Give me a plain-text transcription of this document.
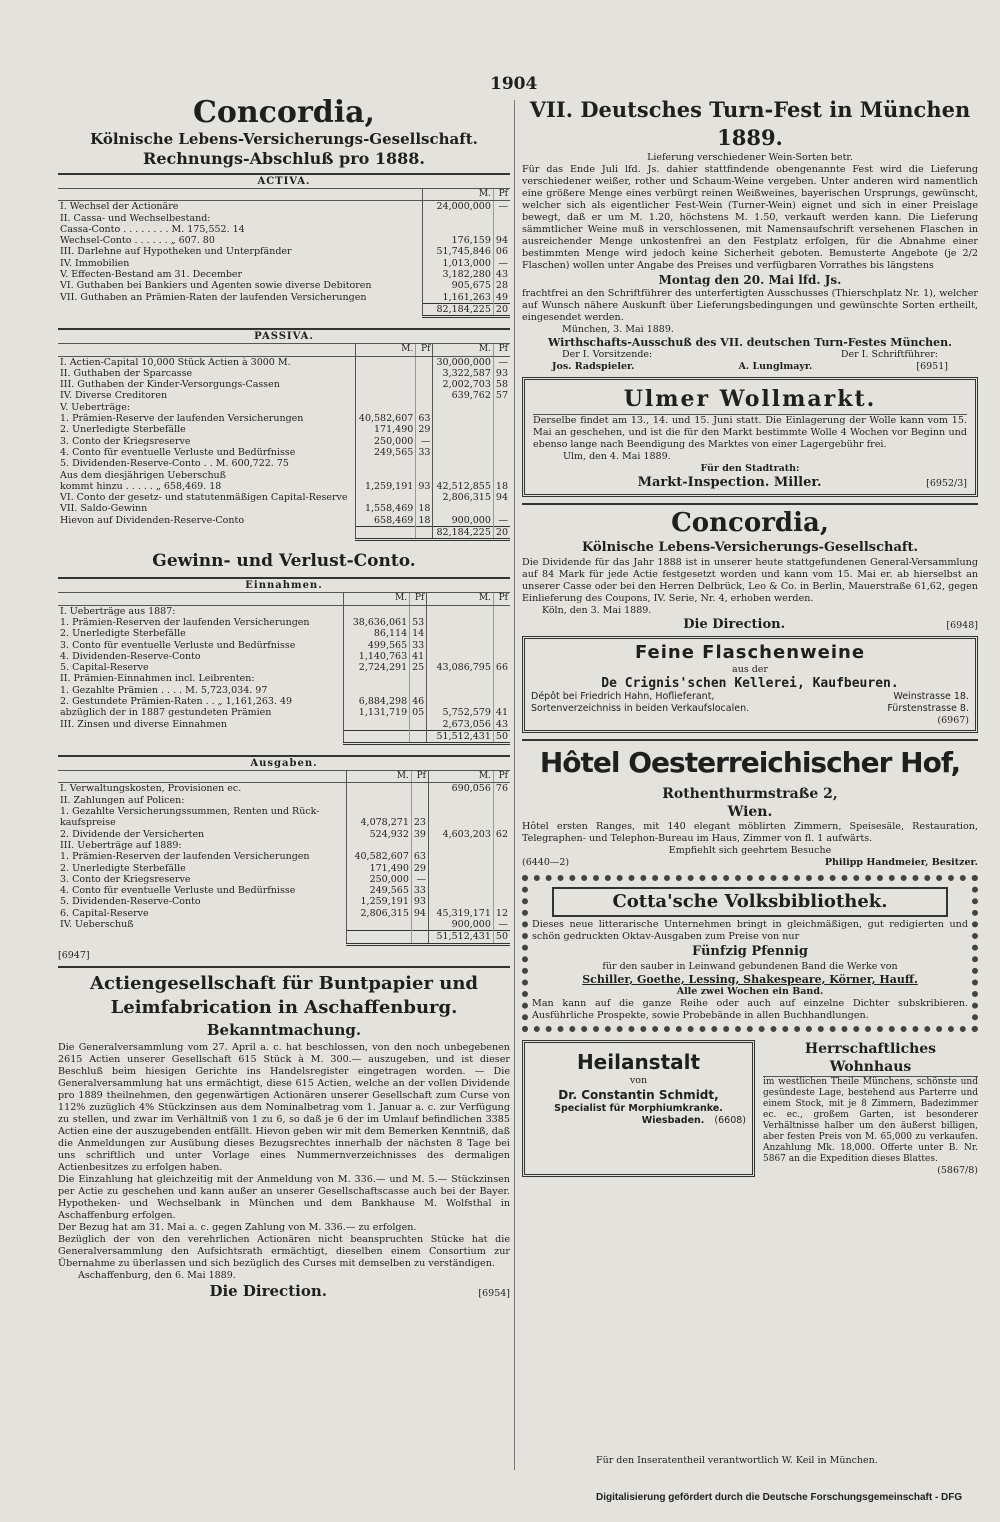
1904
Concordia,
Kölnische Lebens-Versicherungs-Gesellschaft.
Rechnungs-Abschluß pro 1888.
ACTIVA.
	M.	Pf
I. Wechsel der Actionäre	24,000,000	—
II. Cassa- und Wechselbestand:		
Cassa-Conto . . . . . . . . M. 175,552. 14		
Wechsel-Conto . . . . . . „ 607. 80	176,159	94
III. Darlehne auf Hypotheken und Unterpfänder	51,745,846	06
IV. Immobilien	1,013,000	—
V. Effecten-Bestand am 31. December	3,182,280	43
VI. Guthaben bei Bankiers und Agenten sowie diverse Debitoren	905,675	28
VII. Guthaben an Prämien-Raten der laufenden Versicherungen	1,161,263	49
	82,184,225	20
PASSIVA.
	M.	Pf	M.	Pf
I. Actien-Capital 10,000 Stück Actien à 3000 M.			30,000,000	—
II. Guthaben der Sparcasse			3,322,587	93
III. Guthaben der Kinder-Versorgungs-Cassen			2,002,703	58
IV. Diverse Creditoren			639,762	57
V. Ueberträge:				
1. Prämien-Reserve der laufenden Versicherungen	40,582,607	63		
2. Unerledigte Sterbefälle	171,490	29		
3. Conto der Kriegsreserve	250,000	—		
4. Conto für eventuelle Verluste und Bedürfnisse	249,565	33		
5. Dividenden-Reserve-Conto . . M. 600,722. 75				
Aus dem diesjährigen Ueberschuß				
kommt hinzu . . . . . „ 658,469. 18	1,259,191	93	42,512,855	18
VI. Conto der gesetz- und statutenmäßigen Capital-Reserve			2,806,315	94
VII. Saldo-Gewinn	1,558,469	18		
Hievon auf Dividenden-Reserve-Conto	658,469	18	900,000	—
			82,184,225	20
Gewinn- und Verlust-Conto.
Einnahmen.
	M.	Pf	M.	Pf
I. Ueberträge aus 1887:				
1. Prämien-Reserven der laufenden Versicherungen	38,636,061	53		
2. Unerledigte Sterbefälle	86,114	14		
3. Conto für eventuelle Verluste und Bedürfnisse	499,565	33		
4. Dividenden-Reserve-Conto	1,140,763	41		
5. Capital-Reserve	2,724,291	25	43,086,795	66
II. Prämien-Einnahmen incl. Leibrenten:				
1. Gezahlte Prämien . . . . M. 5,723,034. 97				
2. Gestundete Prämien-Raten . . „ 1,161,263. 49	6,884,298	46		
abzüglich der in 1887 gestundeten Prämien	1,131,719	05	5,752,579	41
III. Zinsen und diverse Einnahmen			2,673,056	43
			51,512,431	50
Ausgaben.
	M.	Pf	M.	Pf
I. Verwaltungskosten, Provisionen ec.			690,056	76
II. Zahlungen auf Policen:				
1. Gezahlte Versicherungssummen, Renten und Rück-				
kaufspreise	4,078,271	23		
2. Dividende der Versicherten	524,932	39	4,603,203	62
III. Ueberträge auf 1889:				
1. Prämien-Reserven der laufenden Versicherungen	40,582,607	63		
2. Unerledigte Sterbefälle	171,490	29		
3. Conto der Kriegsreserve	250,000	—		
4. Conto für eventuelle Verluste und Bedürfnisse	249,565	33		
5. Dividenden-Reserve-Conto	1,259,191	93		
6. Capital-Reserve	2,806,315	94	45,319,171	12
IV. Ueberschuß			900,000	—
			51,512,431	50
[6947]
Actiengesellschaft für Buntpapier und Leimfabrication in Aschaffenburg.
Bekanntmachung.
Die Generalversammlung vom 27. April a. c. hat beschlossen, von den noch unbegebenen 2615 Actien unserer Gesellschaft 615 Stück à M. 300.— auszugeben, und ist dieser Beschluß beim hiesigen Gerichte ins Handelsregister eingetragen worden. — Die Generalversammlung hat uns ermächtigt, diese 615 Actien, welche an der vollen Dividende pro 1889 theilnehmen, den gegenwärtigen Actionären unserer Gesellschaft zum Curse von 112% zuzüglich 4% Stückzinsen aus dem Nominalbetrag vom 1. Januar a. c. zur Verfügung zu stellen, und zwar im Verhältniß von 1 zu 6, so daß je 6 der im Umlauf befindlichen 3385 Actien eine der auszugebenden entfällt. Hievon geben wir mit dem Bemerken Kenntniß, daß die Anmeldungen zur Ausübung dieses Bezugsrechtes innerhalb der nächsten 8 Tage bei uns schriftlich und unter Vorlage eines Nummernverzeichnisses des dermaligen Actienbesitzes zu erfolgen haben.
Die Einzahlung hat gleichzeitig mit der Anmeldung von M. 336.— und M. 5.— Stückzinsen per Actie zu geschehen und kann außer an unserer Gesellschaftscasse auch bei der Bayer. Hypotheken- und Wechselbank in München und dem Bankhause M. Wolfsthal in Aschaffenburg erfolgen.
Der Bezug hat am 31. Mai a. c. gegen Zahlung von M. 336.— zu erfolgen.
Bezüglich der von den verehrlichen Actionären nicht beanspruchten Stücke hat die Generalversammlung den Aufsichtsrath ermächtigt, dieselben einem Consortium zur Übernahme zu überlassen und sich bezüglich des Curses mit demselben zu verständigen.
Aschaffenburg, den 6. Mai 1889.
Die Direction.	[6954]
VII. Deutsches Turn-Fest in München 1889.
Lieferung verschiedener Wein-Sorten betr.
Für das Ende Juli lfd. Js. dahier stattfindende obengenannte Fest wird die Lieferung verschiedener weißer, rother und Schaum-Weine vergeben. Unter anderen wird namentlich eine größere Menge eines verbürgt reinen Weißweines, bayerischen Ursprungs, gewünscht, welcher sich als eigentlicher Fest-Wein (Turner-Wein) eignet und sich in einer Preislage bewegt, daß er um M. 1.20, höchstens M. 1.50, verkauft werden kann. Die Lieferung sämmtlicher Weine muß in verschlossenen, mit Namensaufschrift versehenen Flaschen in ausreichender Menge unkostenfrei an den Festplatz erfolgen, für die Abnahme einer bestimmten Menge wird jedoch keine Sicherheit geboten. Bemusterte Angebote (je 2/2 Flaschen) wollen unter Angabe des Preises und verfügbaren Vorrathes bis längstens
Montag den 20. Mai lfd. Js.
frachtfrei an den Schriftführer des unterfertigten Ausschusses (Thierschplatz Nr. 1), welcher auf Wunsch nähere Auskunft über Lieferungsbedingungen und gewünschte Sorten ertheilt, eingesendet werden.
München, 3. Mai 1889.
Wirthschafts-Ausschuß des VII. deutschen Turn-Festes München.
Der I. Vorsitzende:	Der I. Schriftführer:
Jos. Radspieler.	A. Lunglmayr.	[6951]
Ulmer Wollmarkt.
Derselbe findet am 13., 14. und 15. Juni statt. Die Einlagerung der Wolle kann vom 15. Mai an geschehen, und ist die für den Markt bestimmte Wolle 4 Wochen vor Beginn und ebenso lange nach Beendigung des Marktes von einer Lagergebühr frei.
Ulm, den 4. Mai 1889.
Für den Stadtrath:
Markt-Inspection. Miller.	[6952/3]
Concordia,
Kölnische Lebens-Versicherungs-Gesellschaft.
Die Dividende für das Jahr 1888 ist in unserer heute stattgefundenen General-Versammlung auf 84 Mark für jede Actie festgesetzt worden und kann vom 15. Mai er. ab hierselbst an unserer Casse oder bei den Herren Delbrück, Leo & Co. in Berlin, Mauerstraße 61,62, gegen Einlieferung des Coupons, IV. Serie, Nr. 4, erhoben werden.
Köln, den 3. Mai 1889.
Die Direction.	[6948]
Feine Flaschenweine
aus der
De Crignis'schen Kellerei, Kaufbeuren.
Dépôt bei Friedrich Hahn, Hoflieferant,	Weinstrasse 18.
Sortenverzeichniss in beiden Verkaufslocalen.	Fürstenstrasse 8.
(6967)
Hôtel Oesterreichischer Hof,
Rothenthurmstraße 2,
Wien.
Hôtel ersten Ranges, mit 140 elegant möblirten Zimmern, Speisesäle, Restauration, Telegraphen- und Telephon-Bureau im Haus, Zimmer von fl. 1 aufwärts.
Empfiehlt sich geehrtem Besuche
(6440—2)	Philipp Handmeier, Besitzer.
Cotta'sche Volksbibliothek.
Dieses neue litterarische Unternehmen bringt in gleichmäßigen, gut redigierten und schön gedruckten Oktav-Ausgaben zum Preise von nur
Fünfzig Pfennig
für den sauber in Leinwand gebundenen Band die Werke von
Schiller, Goethe, Lessing, Shakespeare, Körner, Hauff.
Alle zwei Wochen ein Band.
Man kann auf die ganze Reihe oder auch auf einzelne Dichter subskribieren. Ausführliche Prospekte, sowie Probebände in allen Buchhandlungen.
Heilanstalt
von
Dr. Constantin Schmidt,
Specialist für Morphiumkranke.
Wiesbaden. (6608)
Herrschaftliches Wohnhaus
im westlichen Theile Münchens, schönste und gesündeste Lage, bestehend aus Parterre und einem Stock, mit je 8 Zimmern, Badezimmer ec. ec., großem Garten, ist besonderer Verhältnisse halber um den äußerst billigen, aber festen Preis von M. 65,000 zu verkaufen. Anzahlung Mk. 18,000. Offerte unter B. Nr. 5867 an die Expedition dieses Blattes.
(5867/8)
Für den Inseratentheil verantwortlich W. Keil in München.
Digitalisierung gefördert durch die Deutsche Forschungsgemeinschaft - DFG
